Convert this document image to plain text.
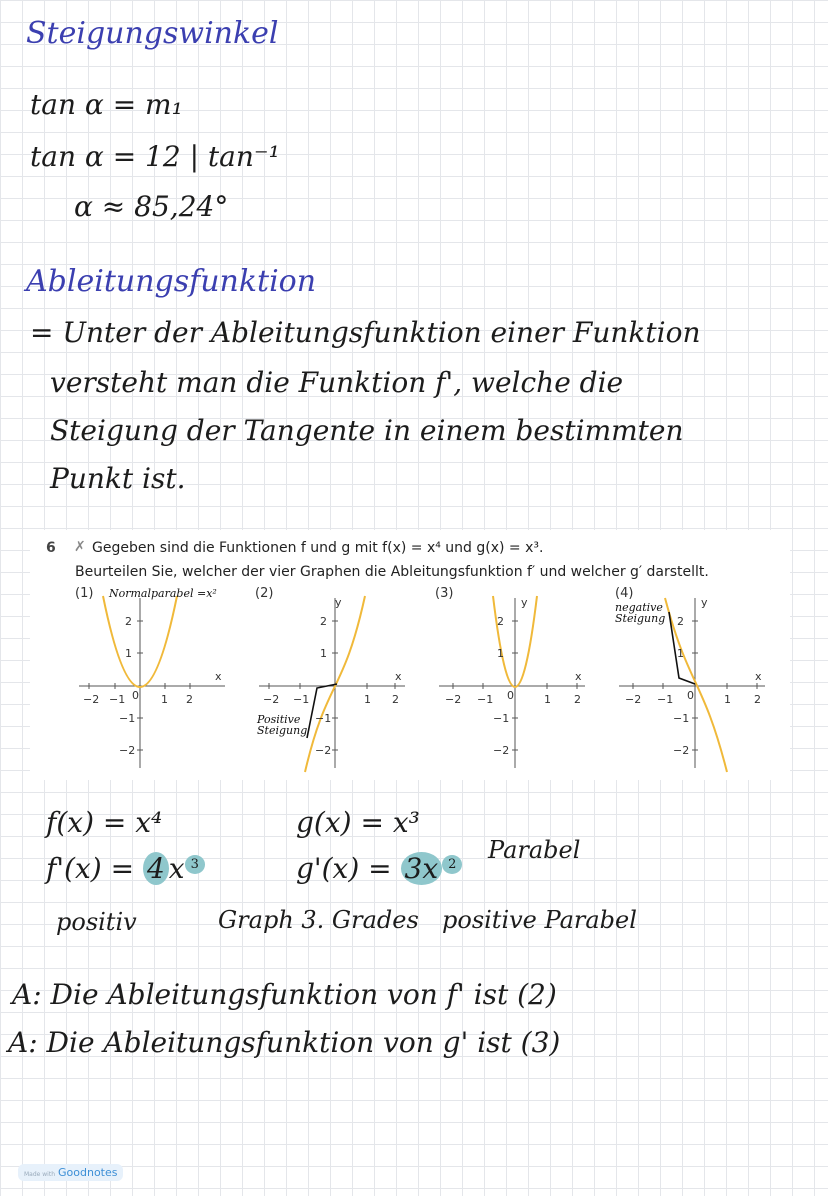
Steigungswinkel
tan α = m₁
tan α = 12 | tan⁻¹
α ≈ 85,24°
Ableitungsfunktion
= Unter der Ableitungsfunktion einer Funktion
versteht man die Funktion f', welche die
Steigung der Tangente in einem bestimmten
Punkt ist.
6 ✗ Gegeben sind die Funktionen f und g mit f(x) = x⁴ und g(x) = x³.
Beurteilen Sie, welcher der vier Graphen die Ableitungsfunktion f′ und welcher g′ darstellt.
(1) Normalparabel =x²
x
−2 −1 0 1 2
2
1
−1
−2
(2)
Positive Steigung
x
y
−2 −1	1 2
2
1
−1
−2
(3)
x
y
−2 −1 0	1 2
2
1
−1
−2
(4)
negative Steigung
x
y
−2 −1 0	1 2
2
1
−1
−2
f(x) = x⁴
f'(x) = 4 x 3
g(x) = x³
g'(x) = 3x 2
Parabel
positiv	Graph 3. Grades positive Parabel
A: Die Ableitungsfunktion von f' ist (2)
A: Die Ableitungsfunktion von g' ist (3)
Made with Goodnotes
